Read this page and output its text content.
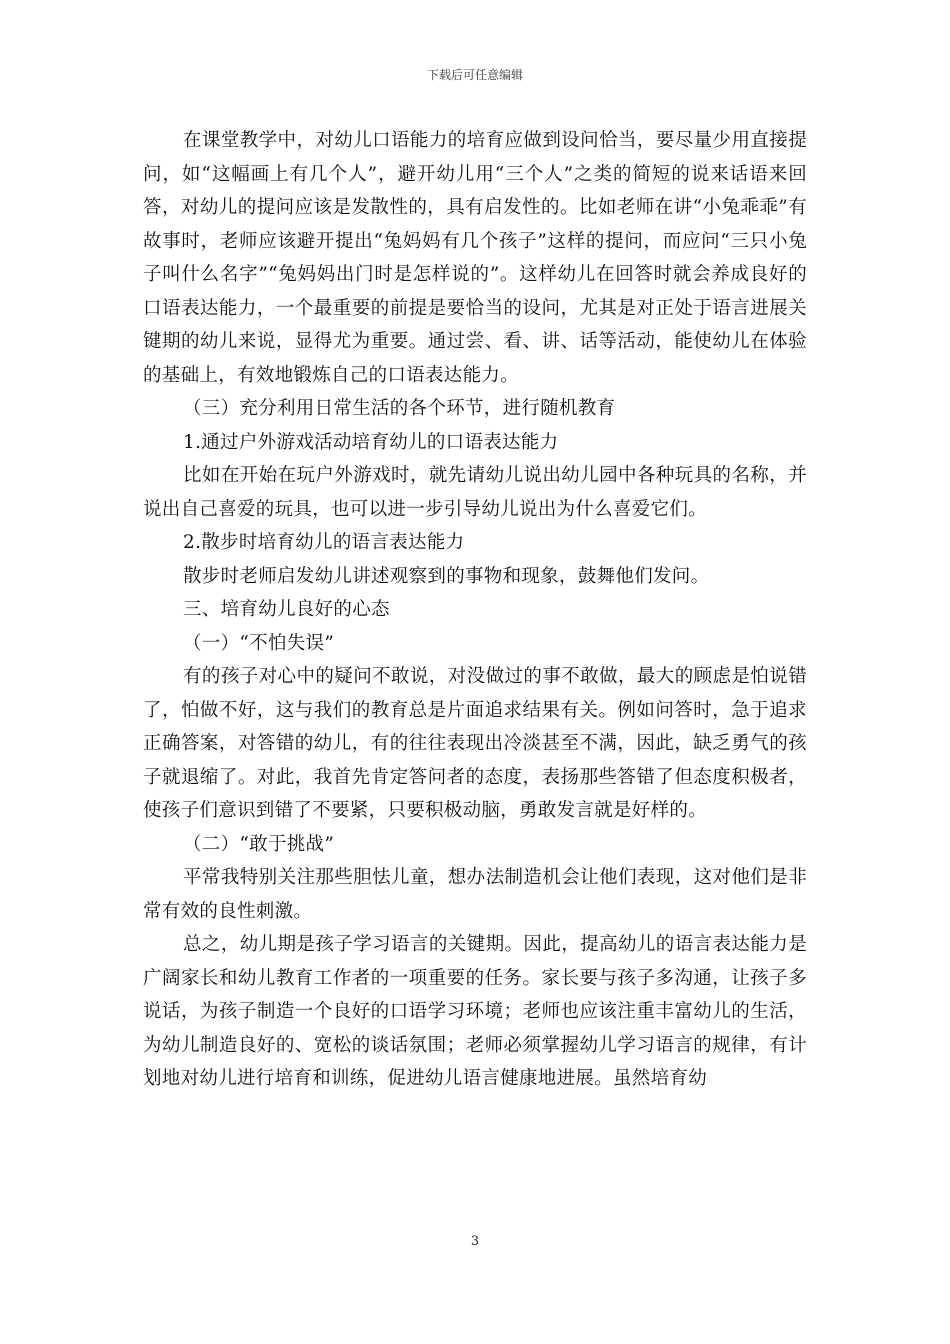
下载后可任意编辑

在课堂教学中，对幼儿口语能力的培育应做到设问恰当，要尽量少用直接提问，如“这幅画上有几个人”，避开幼儿用“三个人”之类的简短的说来话语来回答，对幼儿的提问应该是发散性的，具有启发性的。比如老师在讲“小兔乖乖”有故事时，老师应该避开提出“兔妈妈有几个孩子”这样的提问，而应问“三只小兔子叫什么名字”“兔妈妈出门时是怎样说的”。这样幼儿在回答时就会养成良好的口语表达能力，一个最重要的前提是要恰当的设问，尤其是对正处于语言进展关键期的幼儿来说，显得尤为重要。通过尝、看、讲、话等活动，能使幼儿在体验的基础上，有效地锻炼自己的口语表达能力。

（三）充分利用日常生活的各个环节，进行随机教育

1.通过户外游戏活动培育幼儿的口语表达能力

比如在开始在玩户外游戏时，就先请幼儿说出幼儿园中各种玩具的名称，并说出自己喜爱的玩具，也可以进一步引导幼儿说出为什么喜爱它们。

2.散步时培育幼儿的语言表达能力

散步时老师启发幼儿讲述观察到的事物和现象，鼓舞他们发问。

三、培育幼儿良好的心态

（一）“不怕失误”

有的孩子对心中的疑问不敢说，对没做过的事不敢做，最大的顾虑是怕说错了，怕做不好，这与我们的教育总是片面追求结果有关。例如问答时，急于追求正确答案，对答错的幼儿，有的往往表现出冷淡甚至不满，因此，缺乏勇气的孩子就退缩了。对此，我首先肯定答问者的态度，表扬那些答错了但态度积极者，使孩子们意识到错了不要紧，只要积极动脑，勇敢发言就是好样的。

（二）“敢于挑战”

平常我特别关注那些胆怯儿童，想办法制造机会让他们表现，这对他们是非常有效的良性刺激。

总之，幼儿期是孩子学习语言的关键期。因此，提高幼儿的语言表达能力是广阔家长和幼儿教育工作者的一项重要的任务。家长要与孩子多沟通，让孩子多说话，为孩子制造一个良好的口语学习环境；老师也应该注重丰富幼儿的生活，为幼儿制造良好的、宽松的谈话氛围；老师必须掌握幼儿学习语言的规律，有计划地对幼儿进行培育和训练，促进幼儿语言健康地进展。虽然培育幼

3
